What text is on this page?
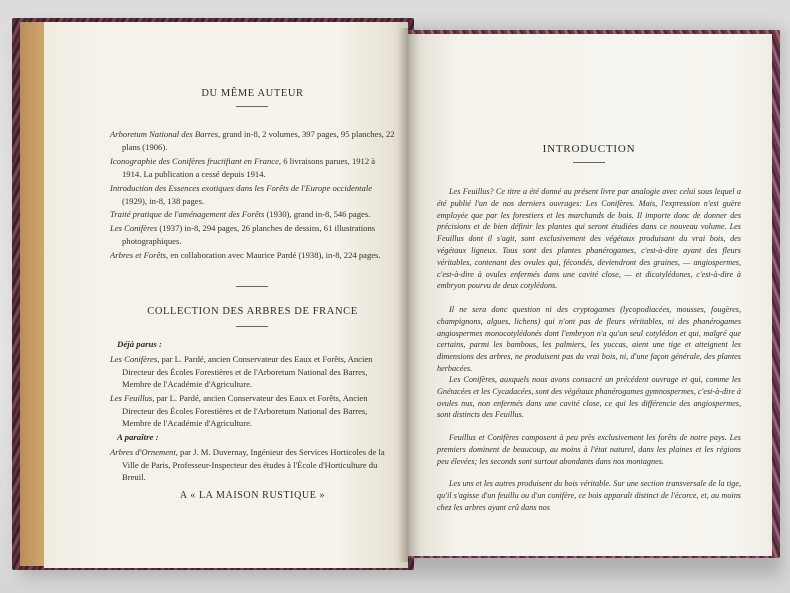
DU MÊME AUTEUR
Arboretum National des Barres, grand in-8, 2 volumes, 397 pages, 95 planches, 22 plans (1906).
Iconographie des Conifères fructifiant en France, 6 livraisons parues, 1912 à 1914. La publication a cessé depuis 1914.
Introduction des Essences exotiques dans les Forêts de l'Europe occidentale (1929), in-8, 138 pages.
Traité pratique de l'aménagement des Forêts (1930), grand in-8, 546 pages.
Les Conifères (1937) in-8, 294 pages, 26 planches de dessins, 61 illustrations photographiques.
Arbres et Forêts, en collaboration avec Maurice Pardé (1938), in-8, 224 pages.
COLLECTION DES ARBRES DE FRANCE
Déjà parus :
Les Conifères, par L. Pardé, ancien Conservateur des Eaux et Forêts, Ancien Directeur des Écoles Forestières et de l'Arboretum National des Barres, Membre de l'Académie d'Agriculture.
Les Feuillus, par L. Pardé, ancien Conservateur des Eaux et Forêts, Ancien Directeur des Écoles Forestières et de l'Arboretum National des Barres, Membre de l'Académie d'Agriculture.
A paraître :
Arbres d'Ornement, par J. M. Duvernay, Ingénieur des Services Horticoles de la Ville de Paris, Professeur-Inspecteur des études à l'École d'Horticulture du Breuil.
A « LA MAISON RUSTIQUE »
INTRODUCTION
Les Feuillus? Ce titre a été donné au présent livre par analogie avec celui sous lequel a été publié l'un de nos derniers ouvrages: Les Conifères. Mais, l'expression n'est guère employée que par les forestiers et les marchands de bois. Il importe donc de donner des précisions et de bien définir les plantes qui seront étudiées dans ce nouveau volume. Les Feuillus dont il s'agit, sont exclusivement des végétaux produisant du vrai bois, des végétaux ligneux. Tous sont des plantes phanérogames, c'est-à-dire ayant des fleurs véritables, contenant des ovules qui, fécondés, deviendront des graines, — angiospermes, c'est-à-dire à ovules enfermés dans une cavité close, — et dicotylédones, c'est-à-dire à embryon pourvu de deux cotylédons.
Il ne sera donc question ni des cryptogames (lycopodiacées, mousses, fougères, champignons, algues, lichens) qui n'ont pas de fleurs véritables, ni des phanérogames angiospermes monocotylédonés dont l'embryon n'a qu'un seul cotylédon et qui, malgré que certains, parmi les bambous, les palmiers, les yuccas, aient une tige et atteignent les dimensions des arbres, ne produisent pas du vrai bois, ni, d'une façon générale, des plantes herbacées.
Les Conifères, auxquels nous avons consacré un précédent ouvrage et qui, comme les Gnétacées et les Cycadacées, sont des végétaux phanérogames gymnospermes, c'est-à-dire à ovules nus, non enfermés dans une cavité close, ce qui les différencie des angiospermes, sont distincts des Feuillus.
Feuillus et Conifères composent à peu près exclusivement les forêts de notre pays. Les premiers dominent de beaucoup, au moins à l'état naturel, dans les plaines et les régions peu élevées; les seconds sont surtout abondants dans nos montagnes.
Les uns et les autres produisent du bois véritable. Sur une section transversale de la tige, qu'il s'agisse d'un feuillu ou d'un conifère, ce bois apparaît distinct de l'écorce, et, au moins chez les arbres ayant crû dans nos
